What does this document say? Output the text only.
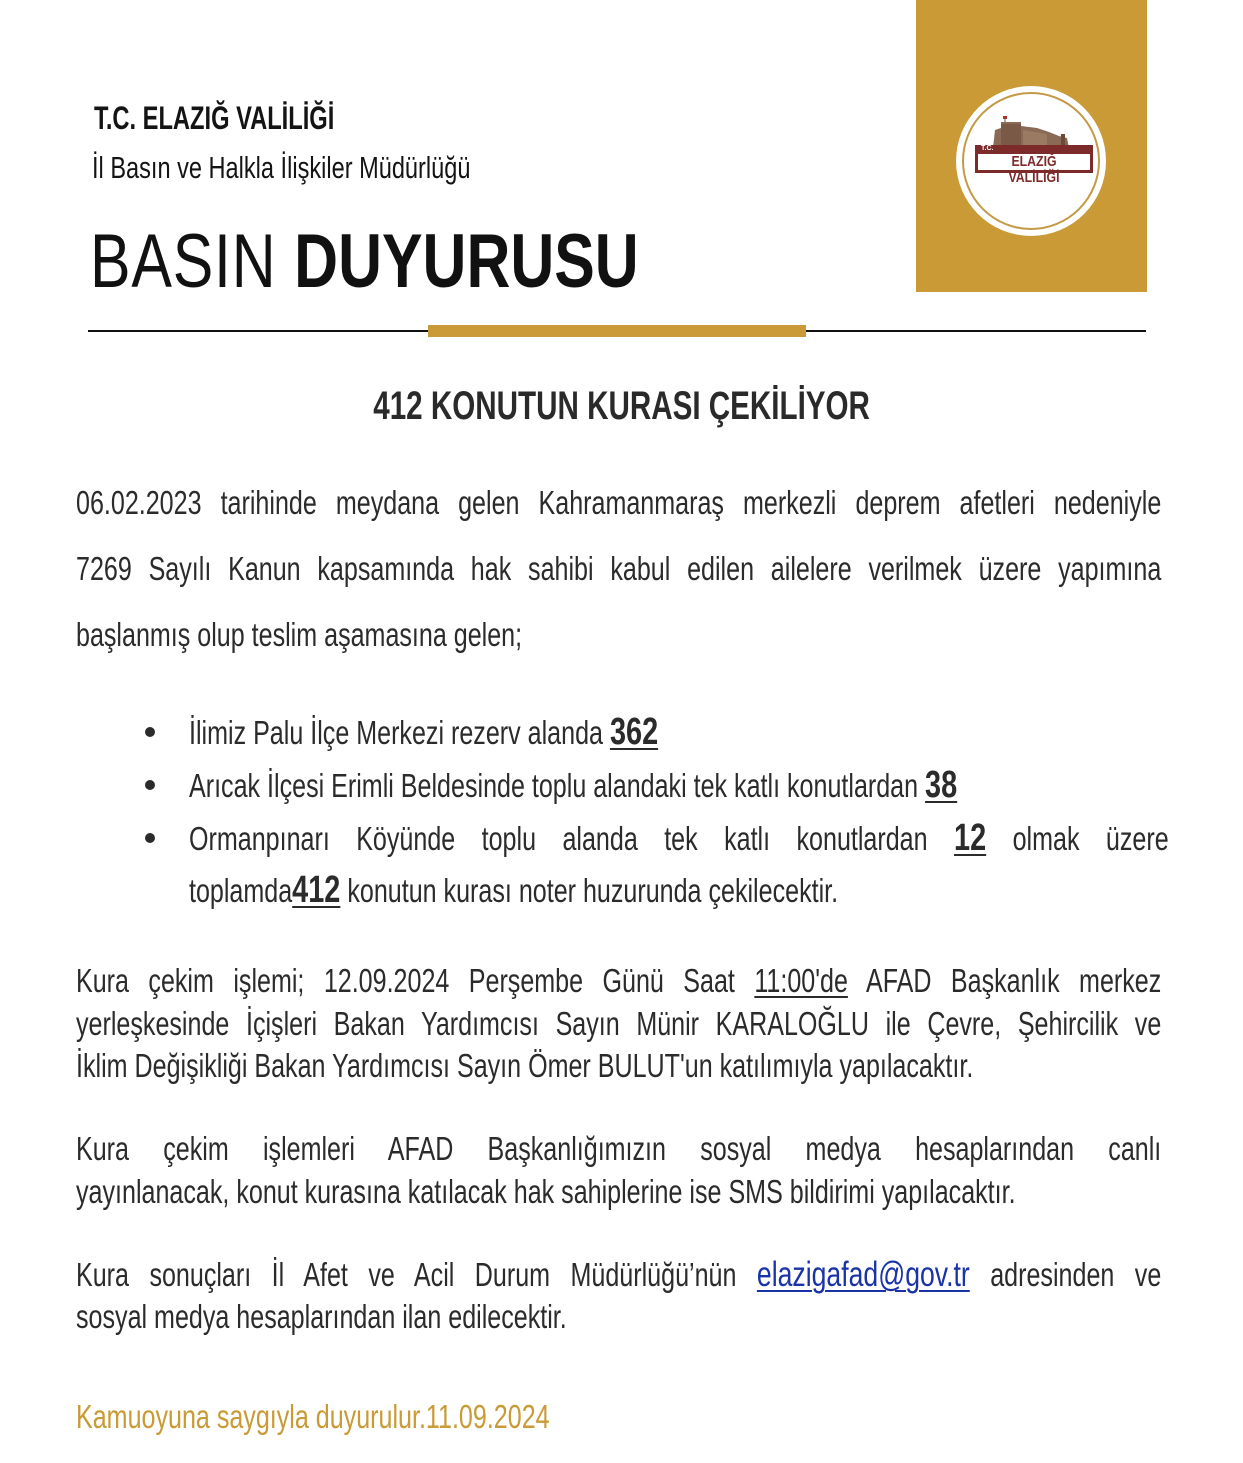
T.C. ELAZIĞ VALİLİĞİ
İl Basın ve Halkla İlişkiler Müdürlüğü
BASIN DUYURUSU
T.C.
ELAZIĞ VALİLİĞİ
412 KONUTUN KURASI ÇEKİLİYOR
06.02.2023 tarihinde meydana gelen Kahramanmaraş merkezli deprem afetleri nedeniyle
7269 Sayılı Kanun kapsamında hak sahibi kabul edilen ailelere verilmek üzere yapımına
başlanmış olup teslim aşamasına gelen;
İlimiz Palu İlçe Merkezi rezerv alanda 362
Arıcak İlçesi Erimli Beldesinde toplu alandaki tek katlı konutlardan 38
Ormanpınarı Köyünde toplu alanda tek katlı konutlardan 12 olmak üzere
toplamda412 konutun kurası noter huzurunda çekilecektir.
Kura çekim işlemi; 12.09.2024 Perşembe Günü Saat 11:00'de AFAD Başkanlık merkez
yerleşkesinde İçişleri Bakan Yardımcısı Sayın Münir KARALOĞLU ile Çevre, Şehircilik ve
İklim Değişikliği Bakan Yardımcısı Sayın Ömer BULUT'un katılımıyla yapılacaktır.
Kura çekim işlemleri AFAD Başkanlığımızın sosyal medya hesaplarından canlı
yayınlanacak, konut kurasına katılacak hak sahiplerine ise SMS bildirimi yapılacaktır.
Kura sonuçları İl Afet ve Acil Durum Müdürlüğü’nün elazigafad@gov.tr adresinden ve
sosyal medya hesaplarından ilan edilecektir.
Kamuoyuna saygıyla duyurulur.11.09.2024
